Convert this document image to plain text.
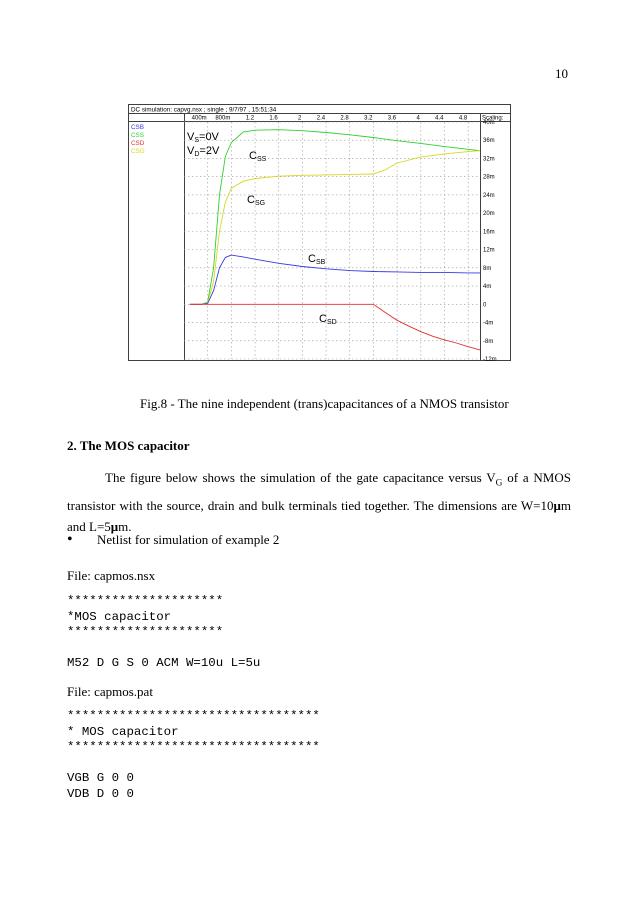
10
DC simulation: capvg.nsx ; single ; 9/7/97 , 15:51:34
Scaling:
CSB
CSS
CSD
CSG
400m 800m	1.2	1.6	2	2.4	2.8	3.2	3.6	4	4.4	4.8
40m
36m
32m
28m
24m
20m
16m
12m
8m
4m
0
-4m
-8m
-12m
VS=0V
VD=2V	CSS
CSG
CSB
CSD
Fig.8 - The nine independent (trans)capacitances of a NMOS transistor
2. The MOS capacitor
The figure below shows the simulation of the gate capacitance versus $V_G$ of a NMOS transistor with the source, drain and bulk terminals tied together. The dimensions are W=10μm and L=5μm.
• Netlist for simulation of example 2
File: capmos.nsx
*********************
*MOS capacitor
*********************

M52 D G S 0 ACM W=10u L=5u
File: capmos.pat
**********************************
* MOS capacitor
**********************************

VGB G 0 0
VDB D 0 0
